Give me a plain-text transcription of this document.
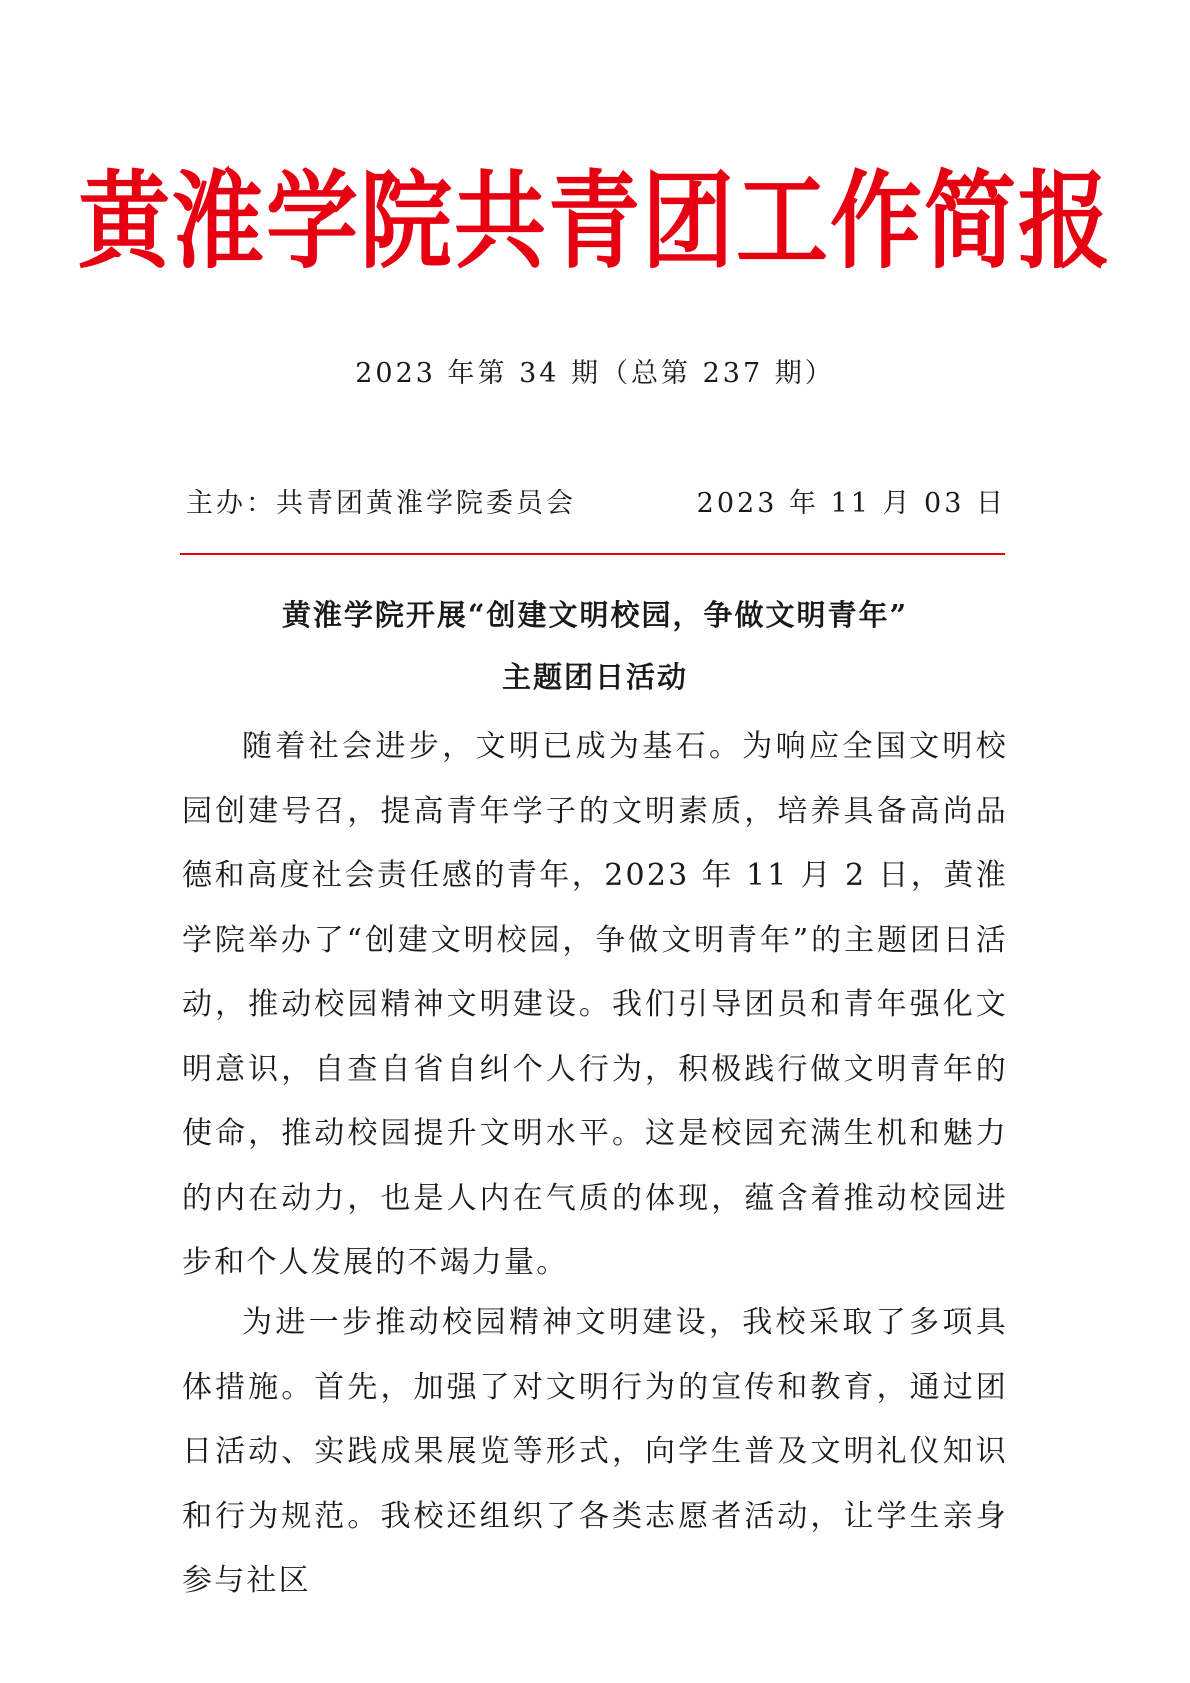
黄淮学院共青团工作简报
2023 年第 34 期（总第 237 期）
主办：共青团黄淮学院委员会	2023 年 11 月 03 日
黄淮学院开展“创建文明校园，争做文明青年”
主题团日活动

随着社会进步，文明已成为基石。为响应全国文明校园创建号召，提高青年学子的文明素质，培养具备高尚品德和高度社会责任感的青年，2023 年 11 月 2 日，黄淮学院举办了“创建文明校园，争做文明青年”的主题团日活动，推动校园精神文明建设。我们引导团员和青年强化文明意识，自查自省自纠个人行为，积极践行做文明青年的使命，推动校园提升文明水平。这是校园充满生机和魅力的内在动力，也是人内在气质的体现，蕴含着推动校园进步和个人发展的不竭力量。

为进一步推动校园精神文明建设，我校采取了多项具体措施。首先，加强了对文明行为的宣传和教育，通过团日活动、实践成果展览等形式，向学生普及文明礼仪知识和行为规范。我校还组织了各类志愿者活动，让学生亲身参与社区
